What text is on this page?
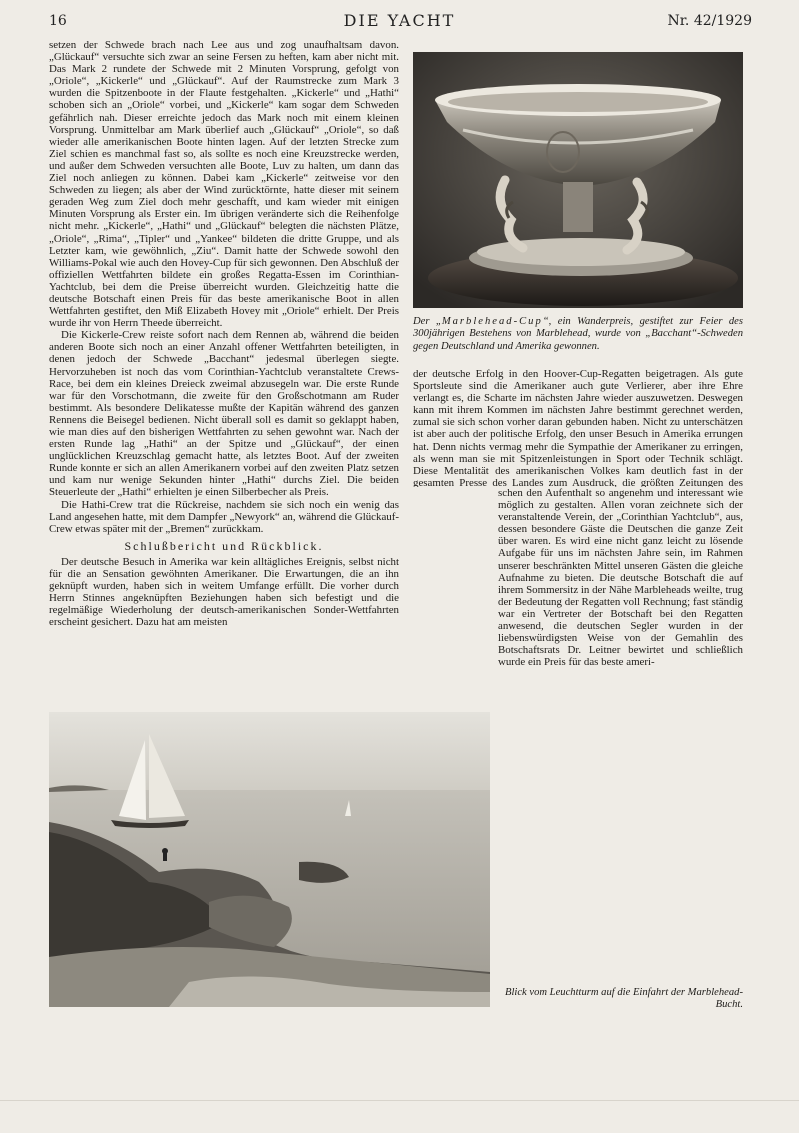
16	DIE YACHT	Nr. 42/1929

setzen der Schwede brach nach Lee aus und zog unaufhaltsam davon. „Glückauf“ versuchte sich zwar an seine Fersen zu heften, kam aber nicht mit. Das Mark 2 rundete der Schwede mit 2 Minuten Vorsprung, gefolgt von „Oriole“, „Kickerle“ und „Glückauf“. Auf der Raumstrecke zum Mark 3 wurden die Spitzenboote in der Flaute festgehalten. „Kickerle“ und „Hathi“ schoben sich an „Oriole“ vorbei, und „Kickerle“ kam sogar dem Schweden gefährlich nah. Dieser erreichte jedoch das Mark noch mit einem kleinen Vorsprung. Unmittelbar am Mark überlief auch „Glückauf“ „Oriole“, so daß wieder alle amerikanischen Boote hinten lagen. Auf der letzten Strecke zum Ziel schien es manchmal fast so, als sollte es noch eine Kreuzstrecke werden, und außer dem Schweden versuchten alle Boote, Luv zu halten, um dann das Ziel noch anliegen zu können. Dabei kam „Kickerle“ zeitweise vor den Schweden zu liegen; als aber der Wind zurücktörnte, hatte dieser mit seinem geraden Weg zum Ziel doch mehr geschafft, und kam wieder mit einigen Minuten Vorsprung als Erster ein. Im übrigen veränderte sich die Reihenfolge nicht mehr. „Kickerle“, „Hathi“ und „Glückauf“ belegten die nächsten Plätze, „Oriole“, „Rima“, „Tipler“ und „Yankee“ bildeten die dritte Gruppe, und als Letzter kam, wie gewöhnlich, „Ziu“. Damit hatte der Schwede sowohl den Williams-Pokal wie auch den Hovey-Cup für sich gewonnen. Den Abschluß der offiziellen Wettfahrten bildete ein großes Regatta-Essen im Corinthian-Yachtclub, bei dem die Preise überreicht wurden. Gleichzeitig hatte die deutsche Botschaft einen Preis für das beste amerikanische Boot in allen Wettfahrten gestiftet, den Miß Elizabeth Hovey mit „Oriole“ erhielt. Der Preis wurde ihr von Herrn Theede überreicht.

Die Kickerle-Crew reiste sofort nach dem Rennen ab, während die beiden anderen Boote sich noch an einer Anzahl offener Wettfahrten beteiligten, in denen jedoch der Schwede „Bacchant“ jedesmal überlegen siegte. Hervorzuheben ist noch das vom Corinthian-Yachtclub veranstaltete Crews-Race, bei dem ein kleines Dreieck zweimal abzusegeln war. Die erste Runde war für den Vorschotmann, die zweite für den Großschotmann am Ruder bestimmt. Als besondere Delikatesse mußte der Kapitän während des ganzen Rennens die Beisegel bedienen. Nicht überall soll es damit so geklappt haben, wie man dies auf den bisherigen Wettfahrten zu sehen gewohnt war. Nach der ersten Runde lag „Hathi“ an der Spitze und „Glückauf“, der einen unglücklichen Kreuzschlag gemacht hatte, als letztes Boot. Auf der zweiten Runde konnte er sich an allen Amerikanern vorbei auf den zweiten Platz setzen und kam nur wenige Sekunden hinter „Hathi“ durchs Ziel. Die beiden Steuerleute der „Hathi“ erhielten je einen Silberbecher als Preis.

Die Hathi-Crew trat die Rückreise, nachdem sie sich noch ein wenig das Land angesehen hatte, mit dem Dampfer „Newyork“ an, während die Glückauf-Crew etwas später mit der „Bremen“ zurückkam.

Schlußbericht und Rückblick.

Der deutsche Besuch in Amerika war kein alltägliches Ereignis, selbst nicht für die an Sensation gewöhnten Amerikaner. Die Erwartungen, die an ihn geknüpft wurden, haben sich in weitem Umfange erfüllt. Die vorher durch Herrn Stinnes angeknüpften Beziehungen haben sich befestigt und die regelmäßige Wiederholung der deutsch-amerikanischen Sonder-Wettfahrten erscheint gesichert. Dazu hat am meisten

Der „Marblehead-Cup“, ein Wanderpreis, gestiftet zur Feier des 300jährigen Bestehens von Marblehead, wurde von „Bacchant“-Schweden gegen Deutschland und Amerika gewonnen.

der deutsche Erfolg in den Hoover-Cup-Regatten beigetragen. Als gute Sportsleute sind die Amerikaner auch gute Verlierer, aber ihre Ehre verlangt es, die Scharte im nächsten Jahre wieder auszuwetzen. Deswegen kann mit ihrem Kommen im nächsten Jahre bestimmt gerechnet werden, zumal sie sich schon vorher daran gebunden haben. Nicht zu unterschätzen ist aber auch der politische Erfolg, den unser Besuch in Amerika errungen hat. Denn nichts vermag mehr die Sympathie der Amerikaner zu erringen, als wenn man sie mit Spitzenleistungen in Sport oder Technik schlägt. Diese Mentalität des amerikanischen Volkes kam deutlich fast in der gesamten Presse des Landes zum Ausdruck, die größten Zeitungen des

schen den Aufenthalt so angenehm und interessant wie möglich zu gestalten. Allen voran zeichnete sich der veranstaltende Verein, der „Corinthian Yachtclub“, aus, dessen besondere Gäste die Deutschen die ganze Zeit über waren. Es wird eine nicht ganz leicht zu lösende Aufgabe für uns im nächsten Jahre sein, im Rahmen unserer beschränkten Mittel unseren Gästen die gleiche Aufnahme zu bieten. Die deutsche Botschaft die auf ihrem Sommersitz in der Nähe Marbleheads weilte, trug der Bedeutung der Regatten voll Rechnung; fast ständig war ein Vertreter der Botschaft bei den Regatten anwesend, die deutschen Segler wurden in der liebenswürdigsten Weise von der Gemahlin des Botschaftsrats Dr. Leitner bewirtet und schließlich wurde ein Preis für das beste ameri-

Blick vom Leuchtturm auf die Einfahrt der Marblehead-Bucht.
